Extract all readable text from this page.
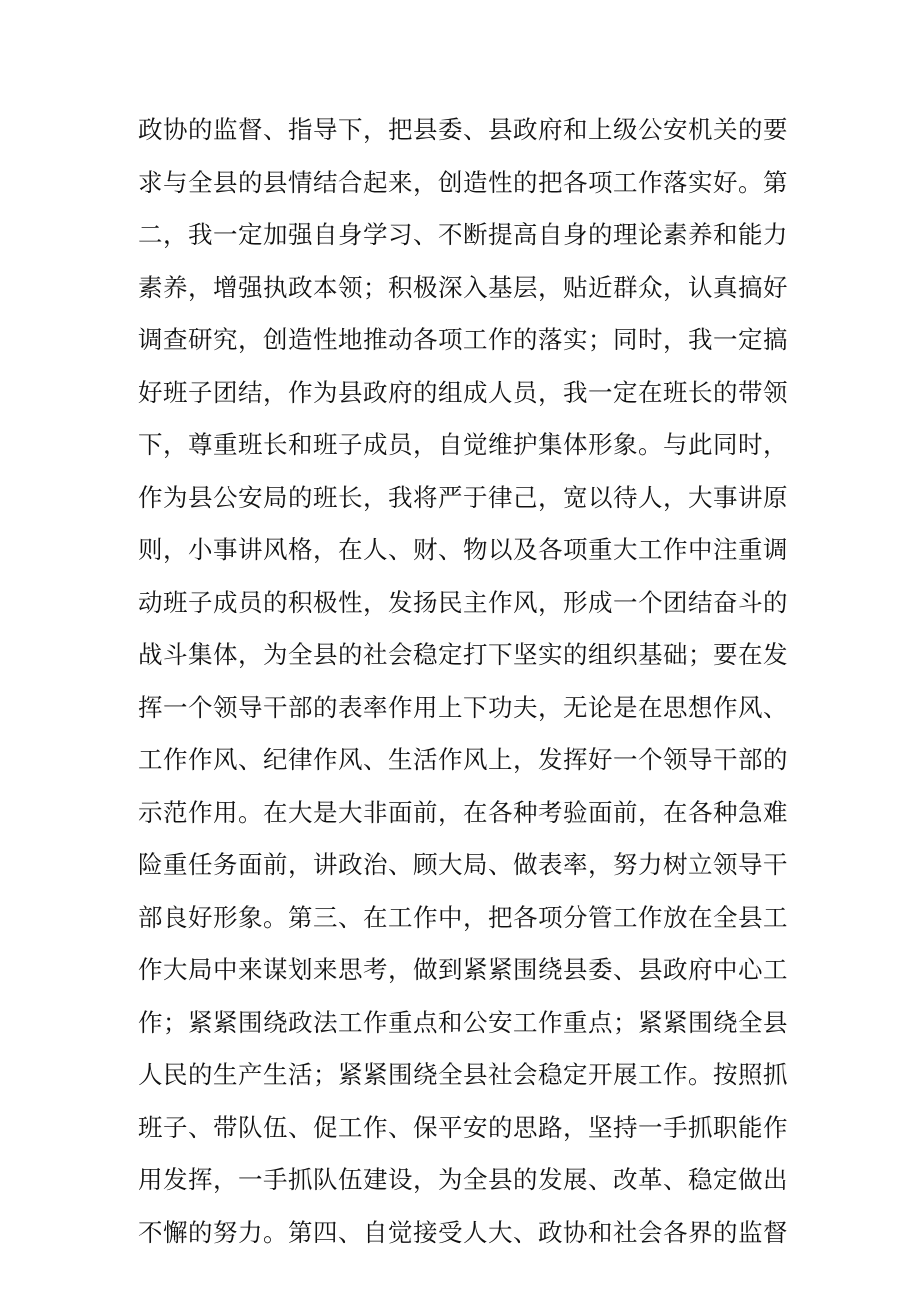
政协的监督、指导下，把县委、县政府和上级公安机关的要
求与全县的县情结合起来，创造性的把各项工作落实好。第
二，我一定加强自身学习、不断提高自身的理论素养和能力
素养，增强执政本领；积极深入基层，贴近群众，认真搞好
调查研究，创造性地推动各项工作的落实；同时，我一定搞
好班子团结，作为县政府的组成人员，我一定在班长的带领
下，尊重班长和班子成员，自觉维护集体形象。与此同时，
作为县公安局的班长，我将严于律己，宽以待人，大事讲原
则，小事讲风格，在人、财、物以及各项重大工作中注重调
动班子成员的积极性，发扬民主作风，形成一个团结奋斗的
战斗集体，为全县的社会稳定打下坚实的组织基础；要在发
挥一个领导干部的表率作用上下功夫，无论是在思想作风、
工作作风、纪律作风、生活作风上，发挥好一个领导干部的
示范作用。在大是大非面前，在各种考验面前，在各种急难
险重任务面前，讲政治、顾大局、做表率，努力树立领导干
部良好形象。第三、在工作中，把各项分管工作放在全县工
作大局中来谋划来思考，做到紧紧围绕县委、县政府中心工
作；紧紧围绕政法工作重点和公安工作重点；紧紧围绕全县
人民的生产生活；紧紧围绕全县社会稳定开展工作。按照抓
班子、带队伍、促工作、保平安的思路，坚持一手抓职能作
用发挥，一手抓队伍建设，为全县的发展、改革、稳定做出
不懈的努力。第四、自觉接受人大、政协和社会各界的监督
